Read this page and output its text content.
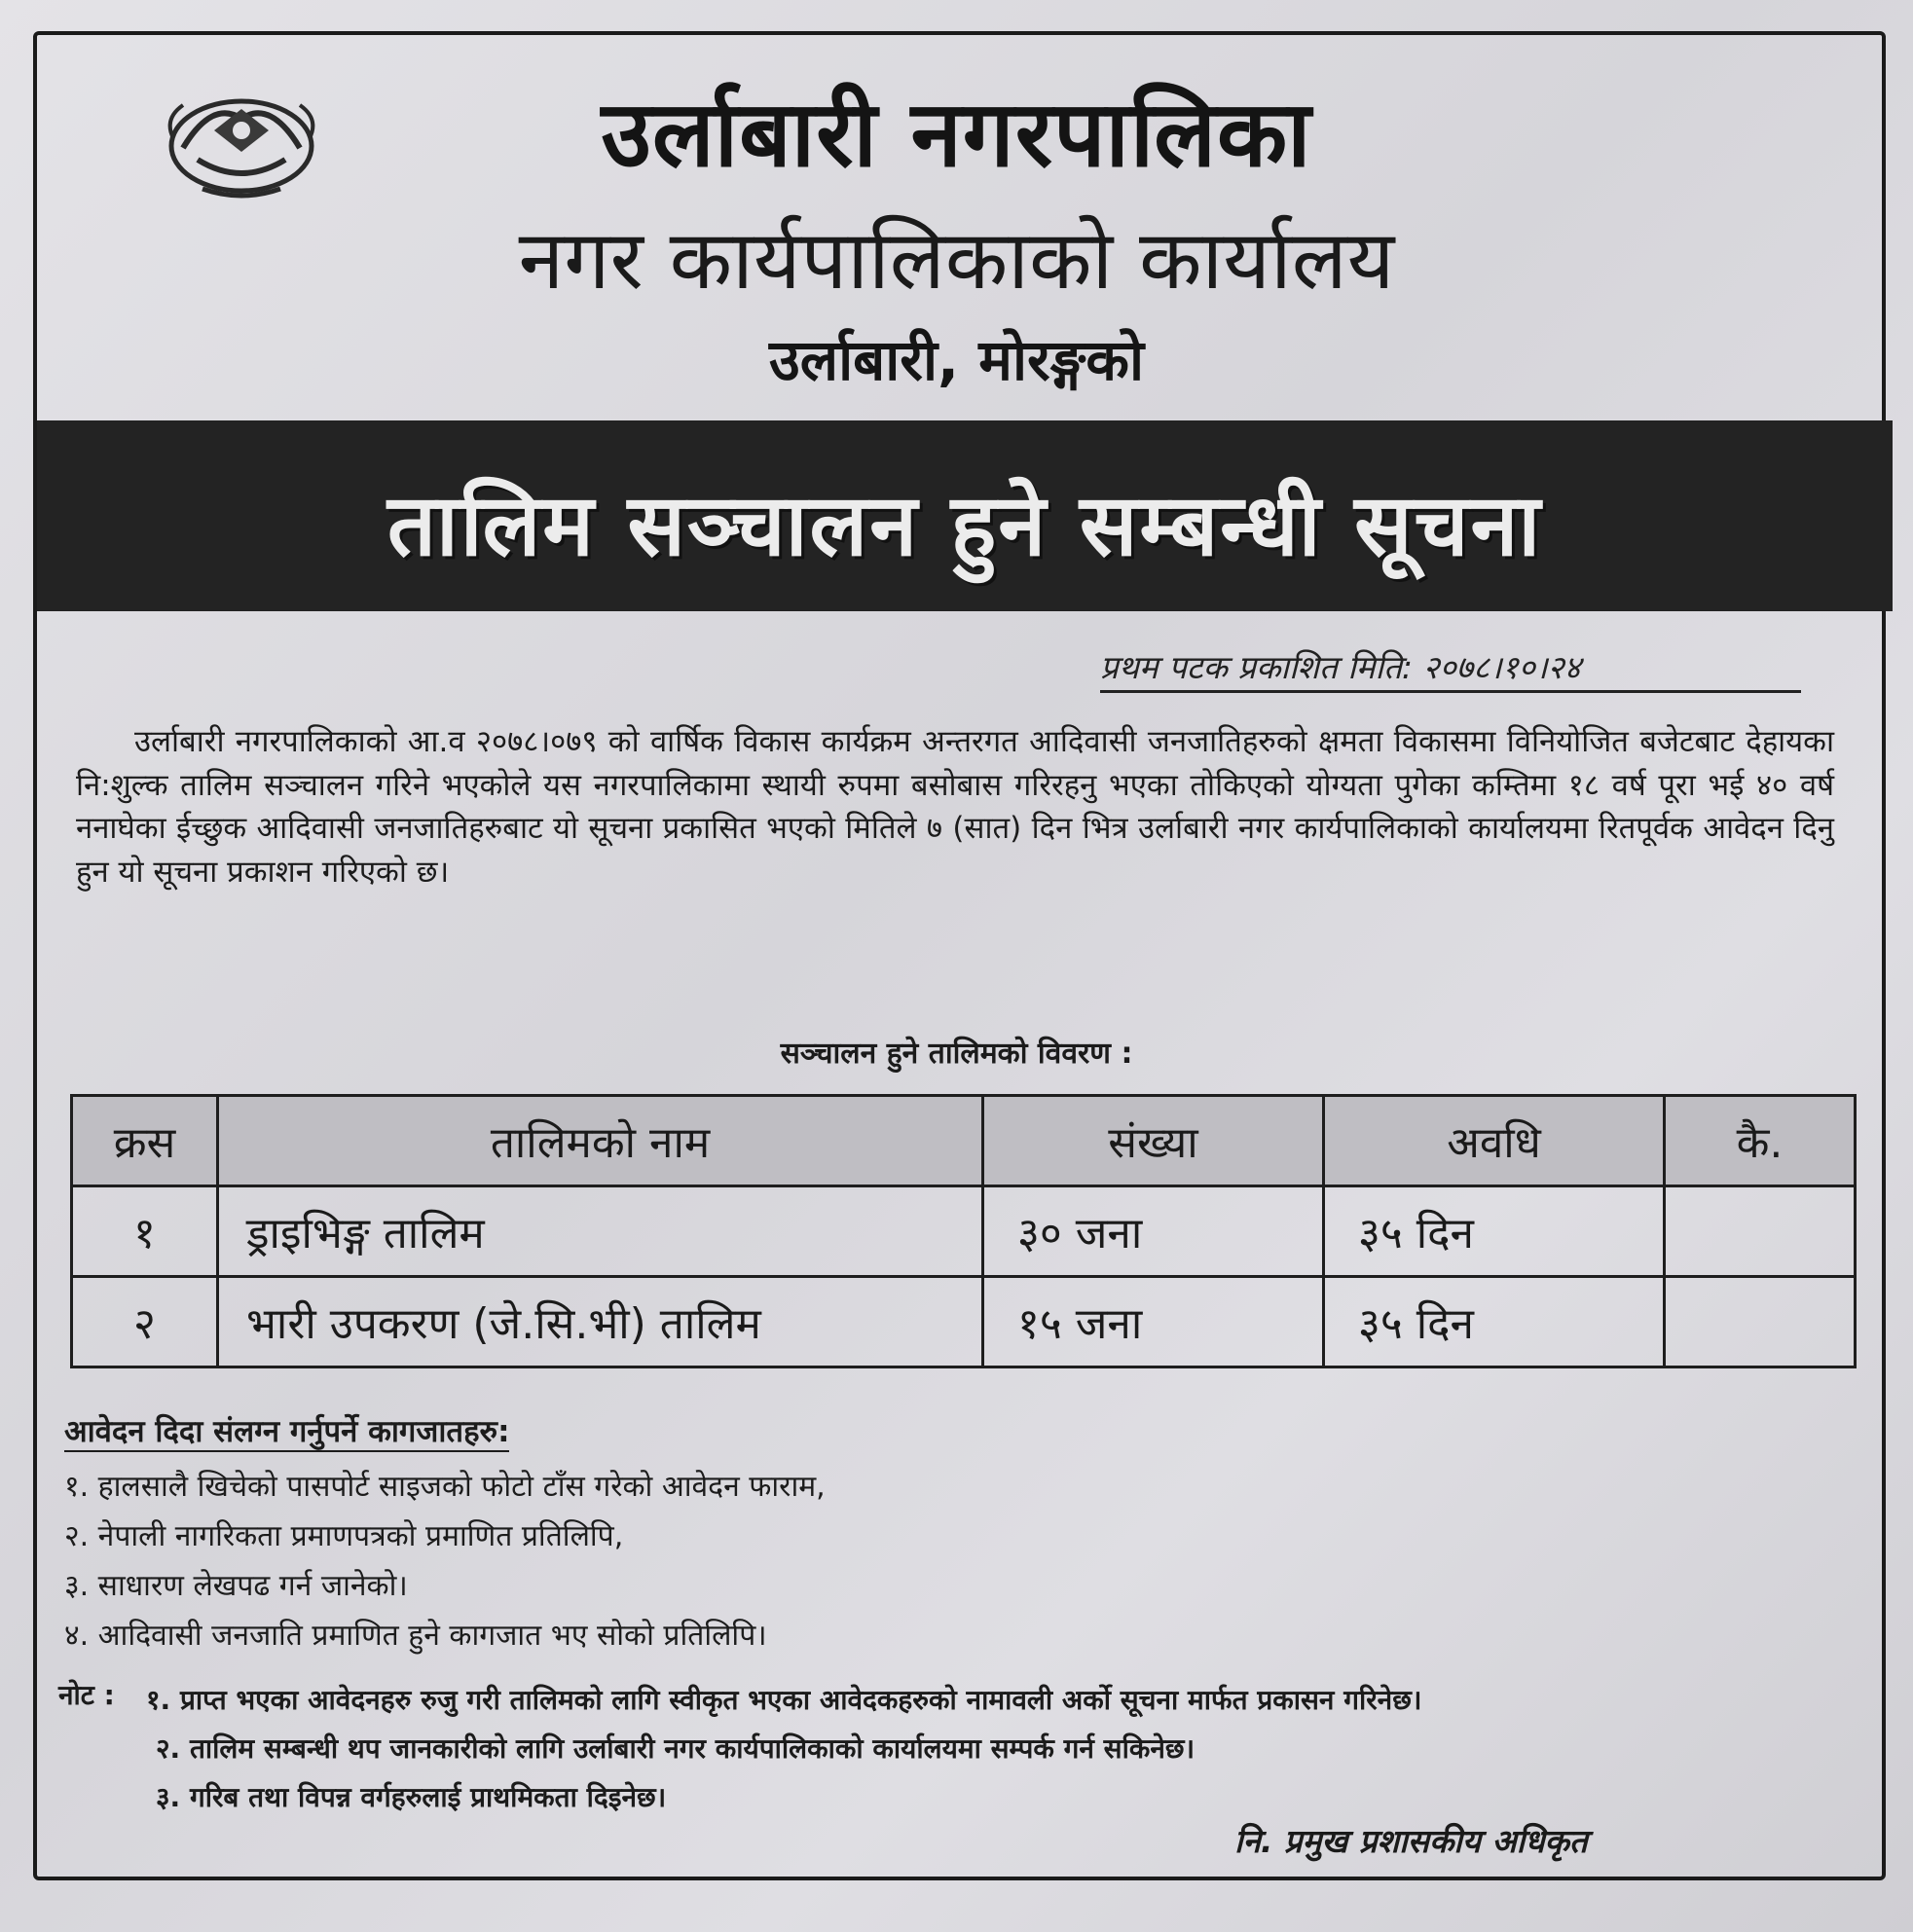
उर्लाबारी नगरपालिका
नगर कार्यपालिकाको कार्यालय
उर्लाबारी, मोरङ्गको
तालिम सञ्चालन हुने सम्बन्धी सूचना
प्रथम पटक प्रकाशित मिति: २०७८।१०।२४

उर्लाबारी नगरपालिकाको आ.व २०७८।०७९ को वार्षिक विकास कार्यक्रम अन्तरगत आदिवासी जनजातिहरुको क्षमता विकासमा विनियोजित बजेटबाट देहायका नि:शुल्क तालिम सञ्चालन गरिने भएकोले यस नगरपालिकामा स्थायी रुपमा बसोबास गरिरहनु भएका तोकिएको योग्यता पुगेका कम्तिमा १८ वर्ष पूरा भई ४० वर्ष ननाघेका ईच्छुक आदिवासी जनजातिहरुबाट यो सूचना प्रकासित भएको मितिले ७ (सात) दिन भित्र उर्लाबारी नगर कार्यपालिकाको कार्यालयमा रितपूर्वक आवेदन दिनु हुन यो सूचना प्रकाशन गरिएको छ।

सञ्चालन हुने तालिमको विवरण :
क्रस	तालिमको नाम	संख्या	अवधि	कै.
१	ड्राइभिङ्ग तालिम	३० जना	३५ दिन	
२	भारी उपकरण (जे.सि.भी) तालिम	१५ जना	३५ दिन	
आवेदन दिदा संलग्न गर्नुपर्ने कागजातहरु:
१. हालसालै खिचेको पासपोर्ट साइजको फोटो टाँस गरेको आवेदन फाराम,
२. नेपाली नागरिकता प्रमाणपत्रको प्रमाणित प्रतिलिपि,
३. साधारण लेखपढ गर्न जानेको।
४. आदिवासी जनजाति प्रमाणित हुने कागजात भए सोको प्रतिलिपि।
नोट : १. प्राप्त भएका आवेदनहरु रुजु गरी तालिमको लागि स्वीकृत भएका आवेदकहरुको नामावली अर्को सूचना मार्फत प्रकासन गरिनेछ।
२. तालिम सम्बन्धी थप जानकारीको लागि उर्लाबारी नगर कार्यपालिकाको कार्यालयमा सम्पर्क गर्न सकिनेछ।
३. गरिब तथा विपन्न वर्गहरुलाई प्राथमिकता दिइनेछ।
नि. प्रमुख प्रशासकीय अधिकृत
